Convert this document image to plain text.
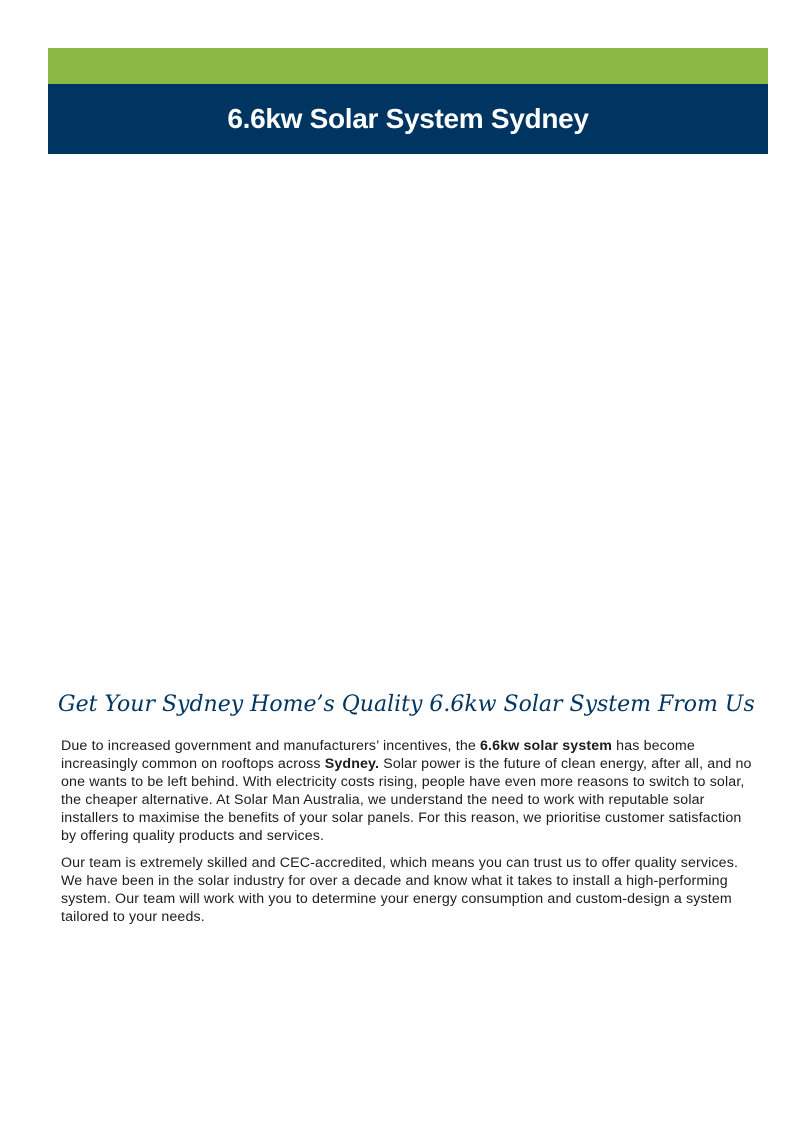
6.6kw Solar System Sydney
Get Your Sydney Home’s Quality 6.6kw Solar System From Us

Due to increased government and manufacturers’ incentives, the 6.6kw solar system has become increasingly common on rooftops across Sydney. Solar power is the future of clean energy, after all, and no one wants to be left behind. With electricity costs rising, people have even more reasons to switch to solar, the cheaper alternative. At Solar Man Australia, we understand the need to work with reputable solar installers to maximise the benefits of your solar panels. For this reason, we prioritise customer satisfaction by offering quality products and services.

Our team is extremely skilled and CEC-accredited, which means you can trust us to offer quality services. We have been in the solar industry for over a decade and know what it takes to install a high-performing system. Our team will work with you to determine your energy consumption and custom-design a system tailored to your needs.
